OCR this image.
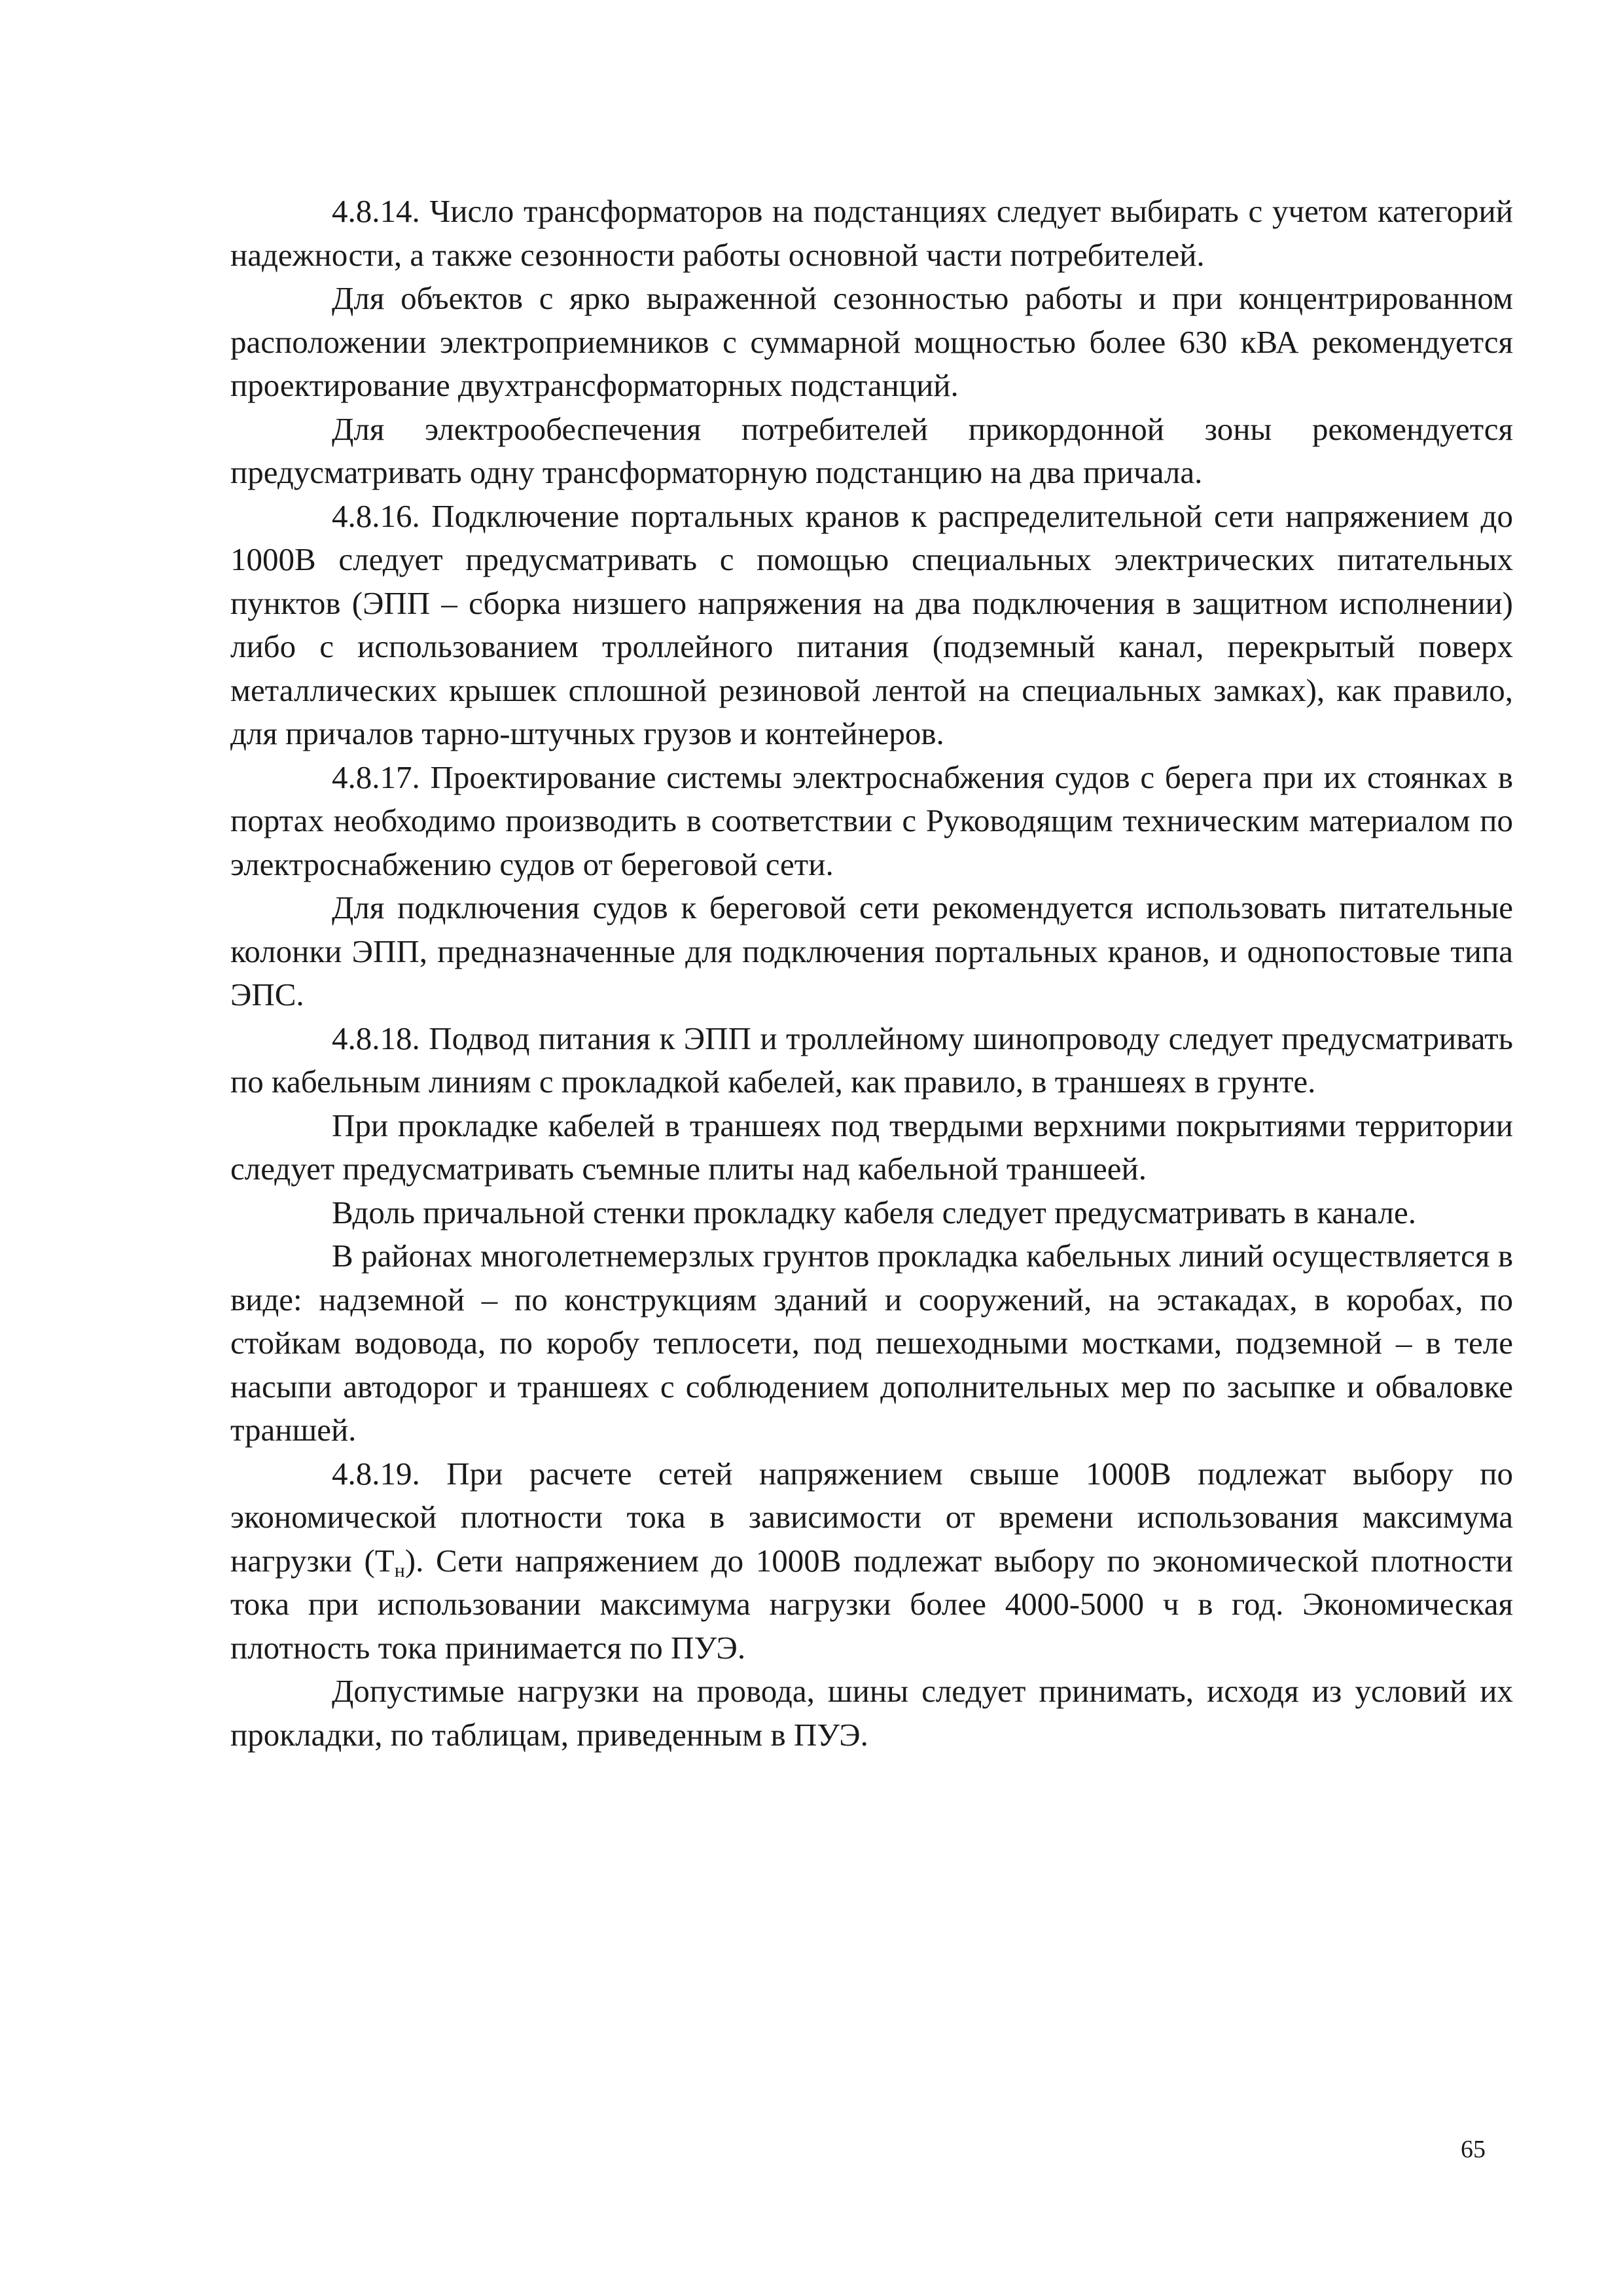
4.8.14. Число трансформаторов на подстанциях следует выбирать с учетом категорий надежности, а также сезонности работы основной части потребителей.

Для объектов с ярко выраженной сезонностью работы и при концентрированном расположении электроприемников с суммарной мощностью более 630 кВА рекомендуется проектирование двухтрансформаторных подстанций.

Для электрообеспечения потребителей прикордонной зоны рекомендуется предусматривать одну трансформаторную подстанцию на два причала.

4.8.16. Подключение портальных кранов к распределительной сети напряжением до 1000В следует предусматривать с помощью специальных электрических питательных пунктов (ЭПП – сборка низшего напряжения на два подключения в защитном исполнении) либо с использованием троллейного питания (подземный канал, перекрытый поверх металлических крышек сплошной резиновой лентой на специальных замках), как правило, для причалов тарно-штучных грузов и контейнеров.

4.8.17. Проектирование системы электроснабжения судов с берега при их стоянках в портах необходимо производить в соответствии с Руководящим техническим материалом по электроснабжению судов от береговой сети.

Для подключения судов к береговой сети рекомендуется использовать питательные колонки ЭПП, предназначенные для подключения портальных кранов, и однопостовые типа ЭПС.

4.8.18. Подвод питания к ЭПП и троллейному шинопроводу следует предусматривать по кабельным линиям с прокладкой кабелей, как правило, в траншеях в грунте.

При прокладке кабелей в траншеях под твердыми верхними покрытиями территории следует предусматривать съемные плиты над кабельной траншеей.

Вдоль причальной стенки прокладку кабеля следует предусматривать в канале.

В районах многолетнемерзлых грунтов прокладка кабельных линий осуществляется в виде: надземной – по конструкциям зданий и сооружений, на эстакадах, в коробах, по стойкам водовода, по коробу теплосети, под пешеходными мостками, подземной – в теле насыпи автодорог и траншеях с соблюдением дополнительных мер по засыпке и обваловке траншей.

4.8.19. При расчете сетей напряжением свыше 1000В подлежат выбору по экономической плотности тока в зависимости от времени использования максимума нагрузки $(Т_н)$. Сети напряжением до 1000В подлежат выбору по экономической плотности тока при использовании максимума нагрузки более 4000-5000 ч в год. Экономическая плотность тока принимается по ПУЭ.

Допустимые нагрузки на провода, шины следует принимать, исходя из условий их прокладки, по таблицам, приведенным в ПУЭ.

65
